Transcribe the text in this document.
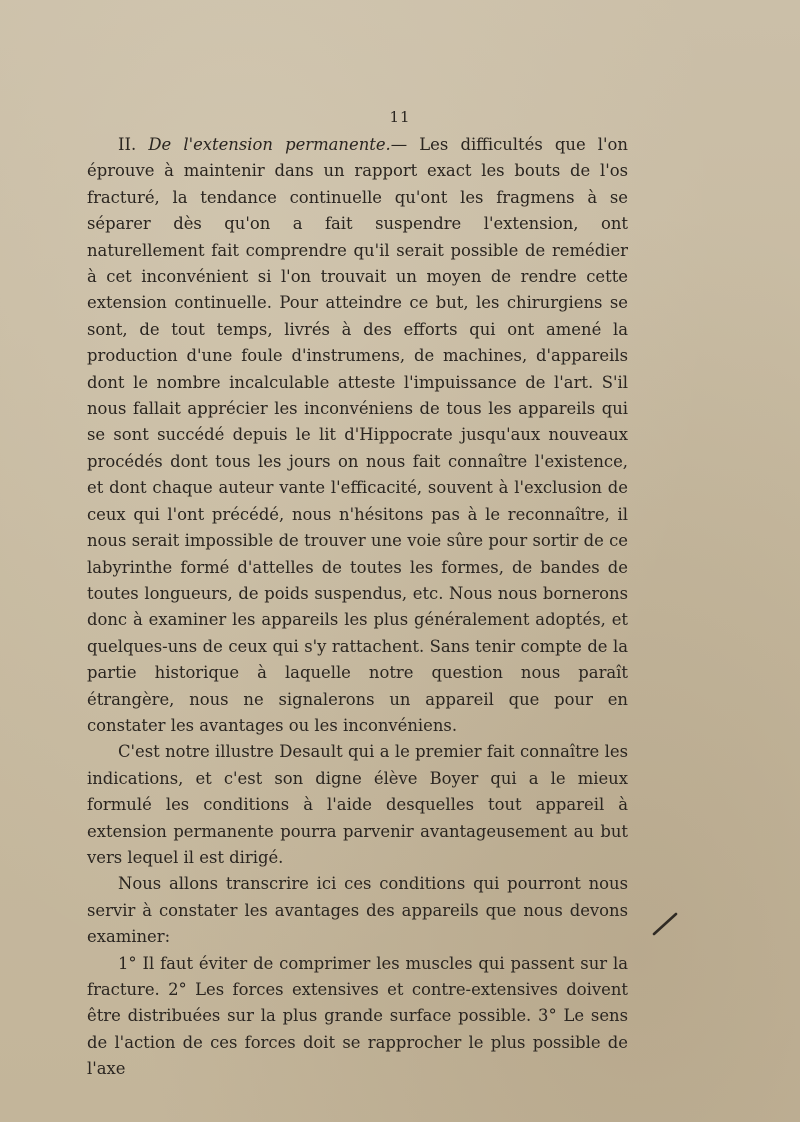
11

II. De l'extension permanente.— Les difficultés que l'on éprouve à maintenir dans un rapport exact les bouts de l'os fracturé, la tendance continuelle qu'ont les fragmens à se séparer dès qu'on a fait suspendre l'extension, ont naturellement fait comprendre qu'il serait possible de remédier à cet inconvénient si l'on trouvait un moyen de rendre cette extension continuelle. Pour atteindre ce but, les chirurgiens se sont, de tout temps, livrés à des efforts qui ont amené la production d'une foule d'instrumens, de machines, d'appareils dont le nombre incalculable atteste l'impuissance de l'art. S'il nous fallait apprécier les inconvéniens de tous les appareils qui se sont succédé depuis le lit d'Hippocrate jusqu'aux nouveaux procédés dont tous les jours on nous fait connaître l'existence, et dont chaque auteur vante l'efficacité, souvent à l'exclusion de ceux qui l'ont précédé, nous n'hésitons pas à le reconnaître, il nous serait impossible de trouver une voie sûre pour sortir de ce labyrinthe formé d'attelles de toutes les formes, de bandes de toutes longueurs, de poids suspendus, etc. Nous nous bornerons donc à examiner les appareils les plus généralement adoptés, et quelques-uns de ceux qui s'y rattachent. Sans tenir compte de la partie historique à laquelle notre question nous paraît étrangère, nous ne signalerons un appareil que pour en constater les avantages ou les inconvéniens.

C'est notre illustre Desault qui a le premier fait connaître les indications, et c'est son digne élève Boyer qui a le mieux formulé les conditions à l'aide desquelles tout appareil à extension permanente pourra parvenir avantageusement au but vers lequel il est dirigé.

Nous allons transcrire ici ces conditions qui pourront nous servir à constater les avantages des appareils que nous devons examiner:

1° Il faut éviter de comprimer les muscles qui passent sur la fracture. 2° Les forces extensives et contre-extensives doivent être distribuées sur la plus grande surface possible. 3° Le sens de l'action de ces forces doit se rapprocher le plus possible de l'axe
